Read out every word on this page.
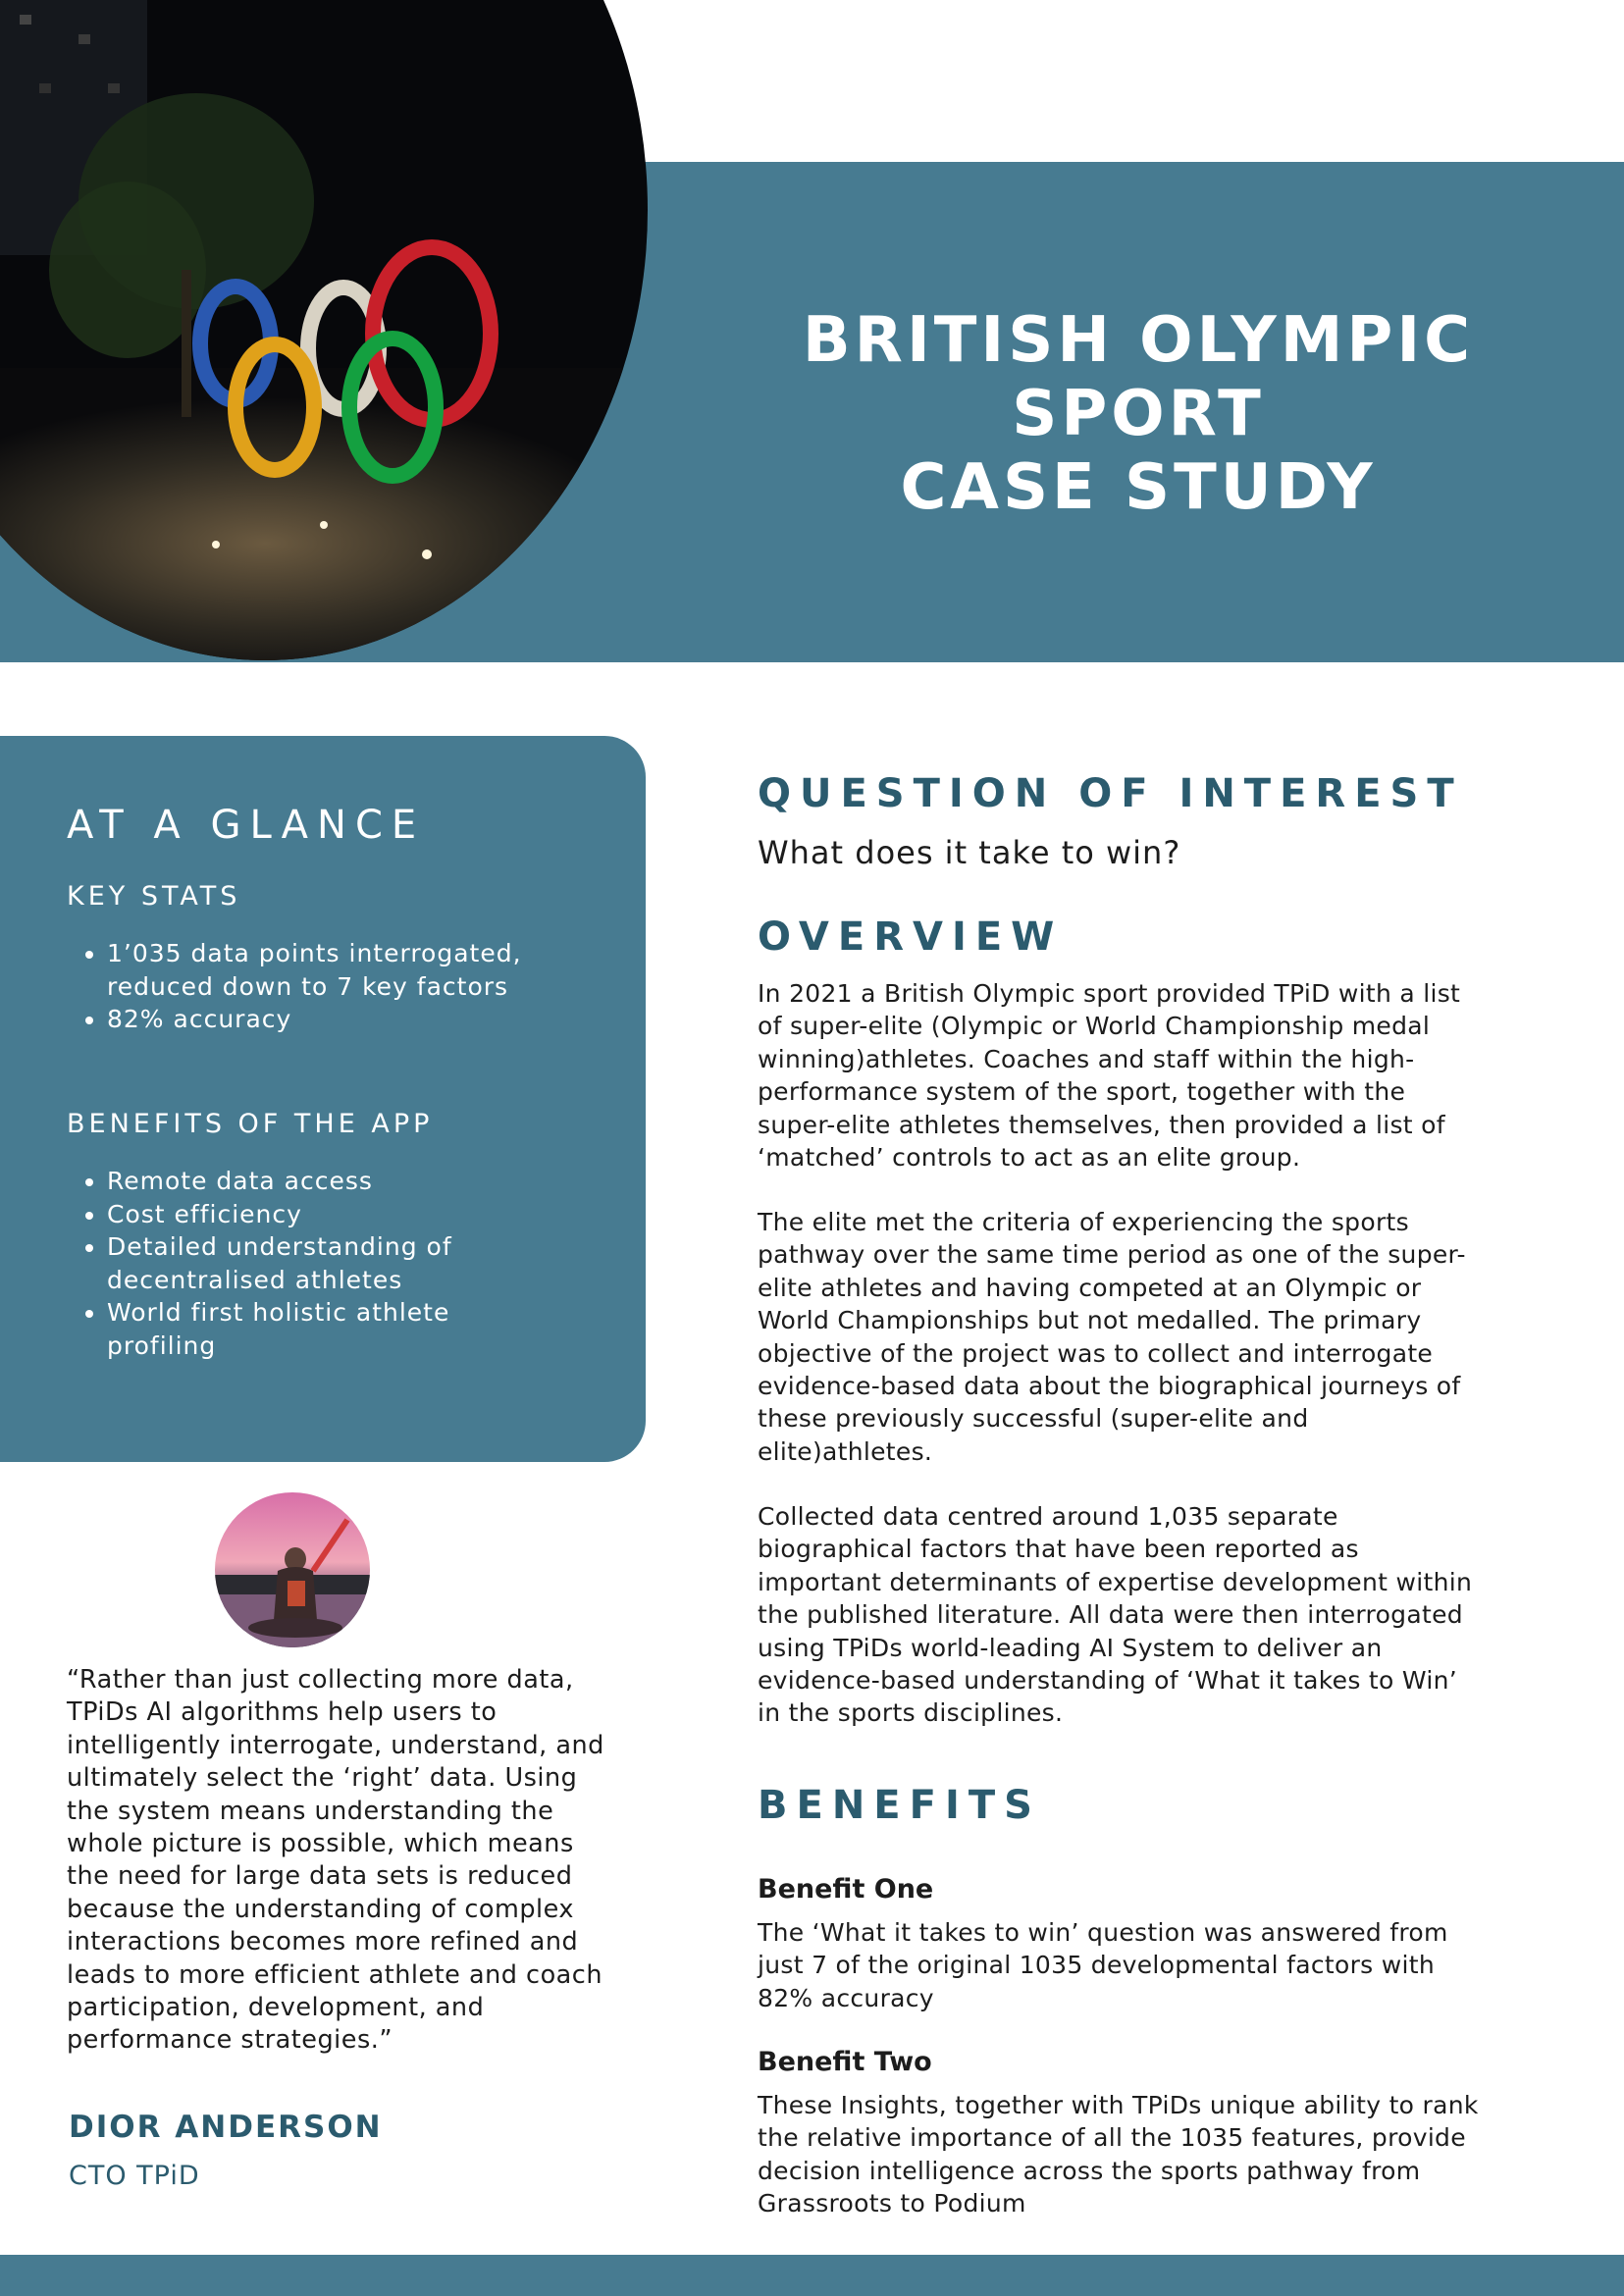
BRITISH OLYMPIC
SPORT
CASE STUDY
AT A GLANCE
KEY STATS
• 1’035 data points interrogated, reduced down to 7 key factors
• 82% accuracy
BENEFITS OF THE APP
• Remote data access
• Cost efficiency
• Detailed understanding of decentralised athletes
• World first holistic athlete profiling

“Rather than just collecting more data, TPiDs AI algorithms help users to intelligently interrogate, understand, and ultimately select the ‘right’ data. Using the system means understanding the whole picture is possible, which means the need for large data sets is reduced because the understanding of complex interactions becomes more refined and leads to more efficient athlete and coach participation, development, and performance strategies.”

DIOR ANDERSON

CTO TPiD

QUESTION OF INTEREST

What does it take to win?

OVERVIEW

In 2021 a British Olympic sport provided TPiD with a list of super-elite (Olympic or World Championship medal winning)athletes. Coaches and staff within the high-performance system of the sport, together with the super-elite athletes themselves, then provided a list of ‘matched’ controls to act as an elite group.

The elite met the criteria of experiencing the sports pathway over the same time period as one of the super-elite athletes and having competed at an Olympic or World Championships but not medalled. The primary objective of the project was to collect and interrogate evidence-based data about the biographical journeys of these previously successful (super-elite and elite)athletes.

Collected data centred around 1,035 separate biographical factors that have been reported as important determinants of expertise development within the published literature. All data were then interrogated using TPiDs world-leading AI System to deliver an evidence-based understanding of ‘What it takes to Win’ in the sports disciplines.

BENEFITS

Benefit One

The ‘What it takes to win’ question was answered from just 7 of the original 1035 developmental factors with 82% accuracy

Benefit Two

These Insights, together with TPiDs unique ability to rank the relative importance of all the 1035 features, provide decision intelligence across the sports pathway from Grassroots to Podium
